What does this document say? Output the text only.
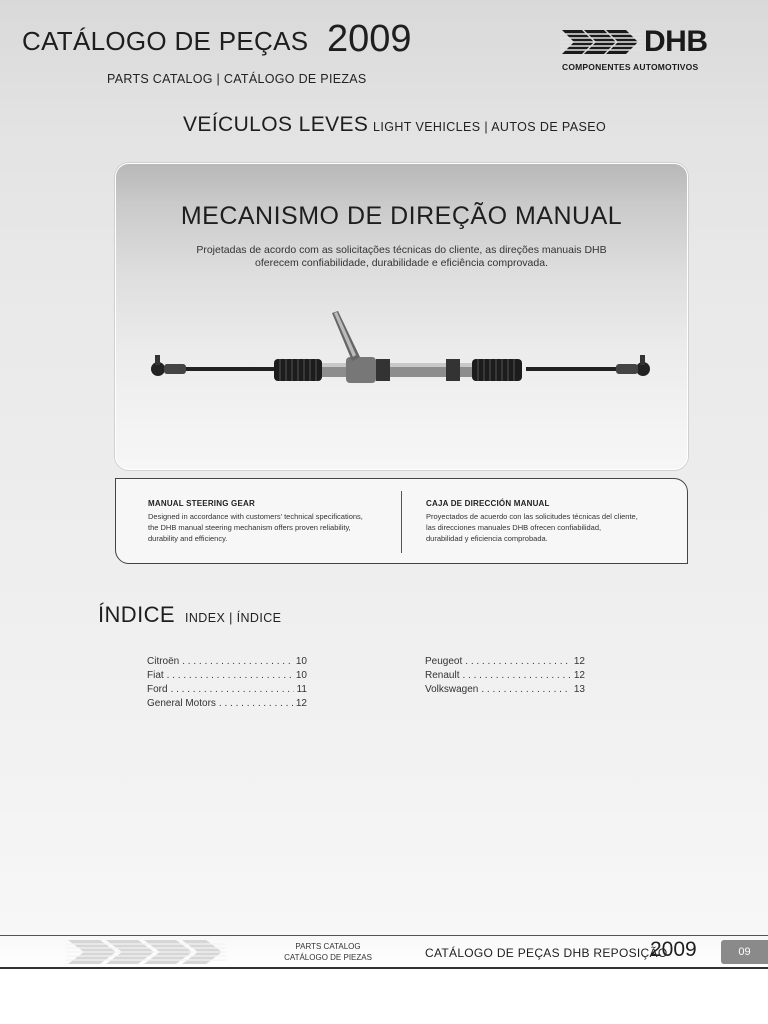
CATÁLOGO DE PEÇAS 2009
PARTS CATALOG | CATÁLOGO DE PIEZAS
DHB
COMPONENTES AUTOMOTIVOS
VEÍCULOS LEVES LIGHT VEHICLES | AUTOS DE PASEO
MECANISMO DE DIREÇÃO MANUAL
Projetadas de acordo com as solicitações técnicas do cliente, as direções manuais DHB
oferecem confiabilidade, durabilidade e eficiência comprovada.
MANUAL STEERING GEAR
Designed in accordance with customers' technical specifications,
the DHB manual steering mechanism offers proven reliability,
durability and efficiency.
CAJA DE DIRECCIÓN MANUAL
Proyectados de acuerdo con las solicitudes técnicas del cliente,
las direcciones manuales DHB ofrecen confiabilidad,
durabilidad y eficiencia comprobada.
ÍNDICE INDEX | ÍNDICE
Citroën . . .	10
Fiat . . .	10
Ford . . .	11
General Motors . . .	12
Peugeot . . .	12
Renault . . .	12
Volkswagen . . .	13
PARTS CATALOG
CATÁLOGO DE PIEZAS	CATÁLOGO DE PEÇAS DHB REPOSIÇÃO
2009	09
